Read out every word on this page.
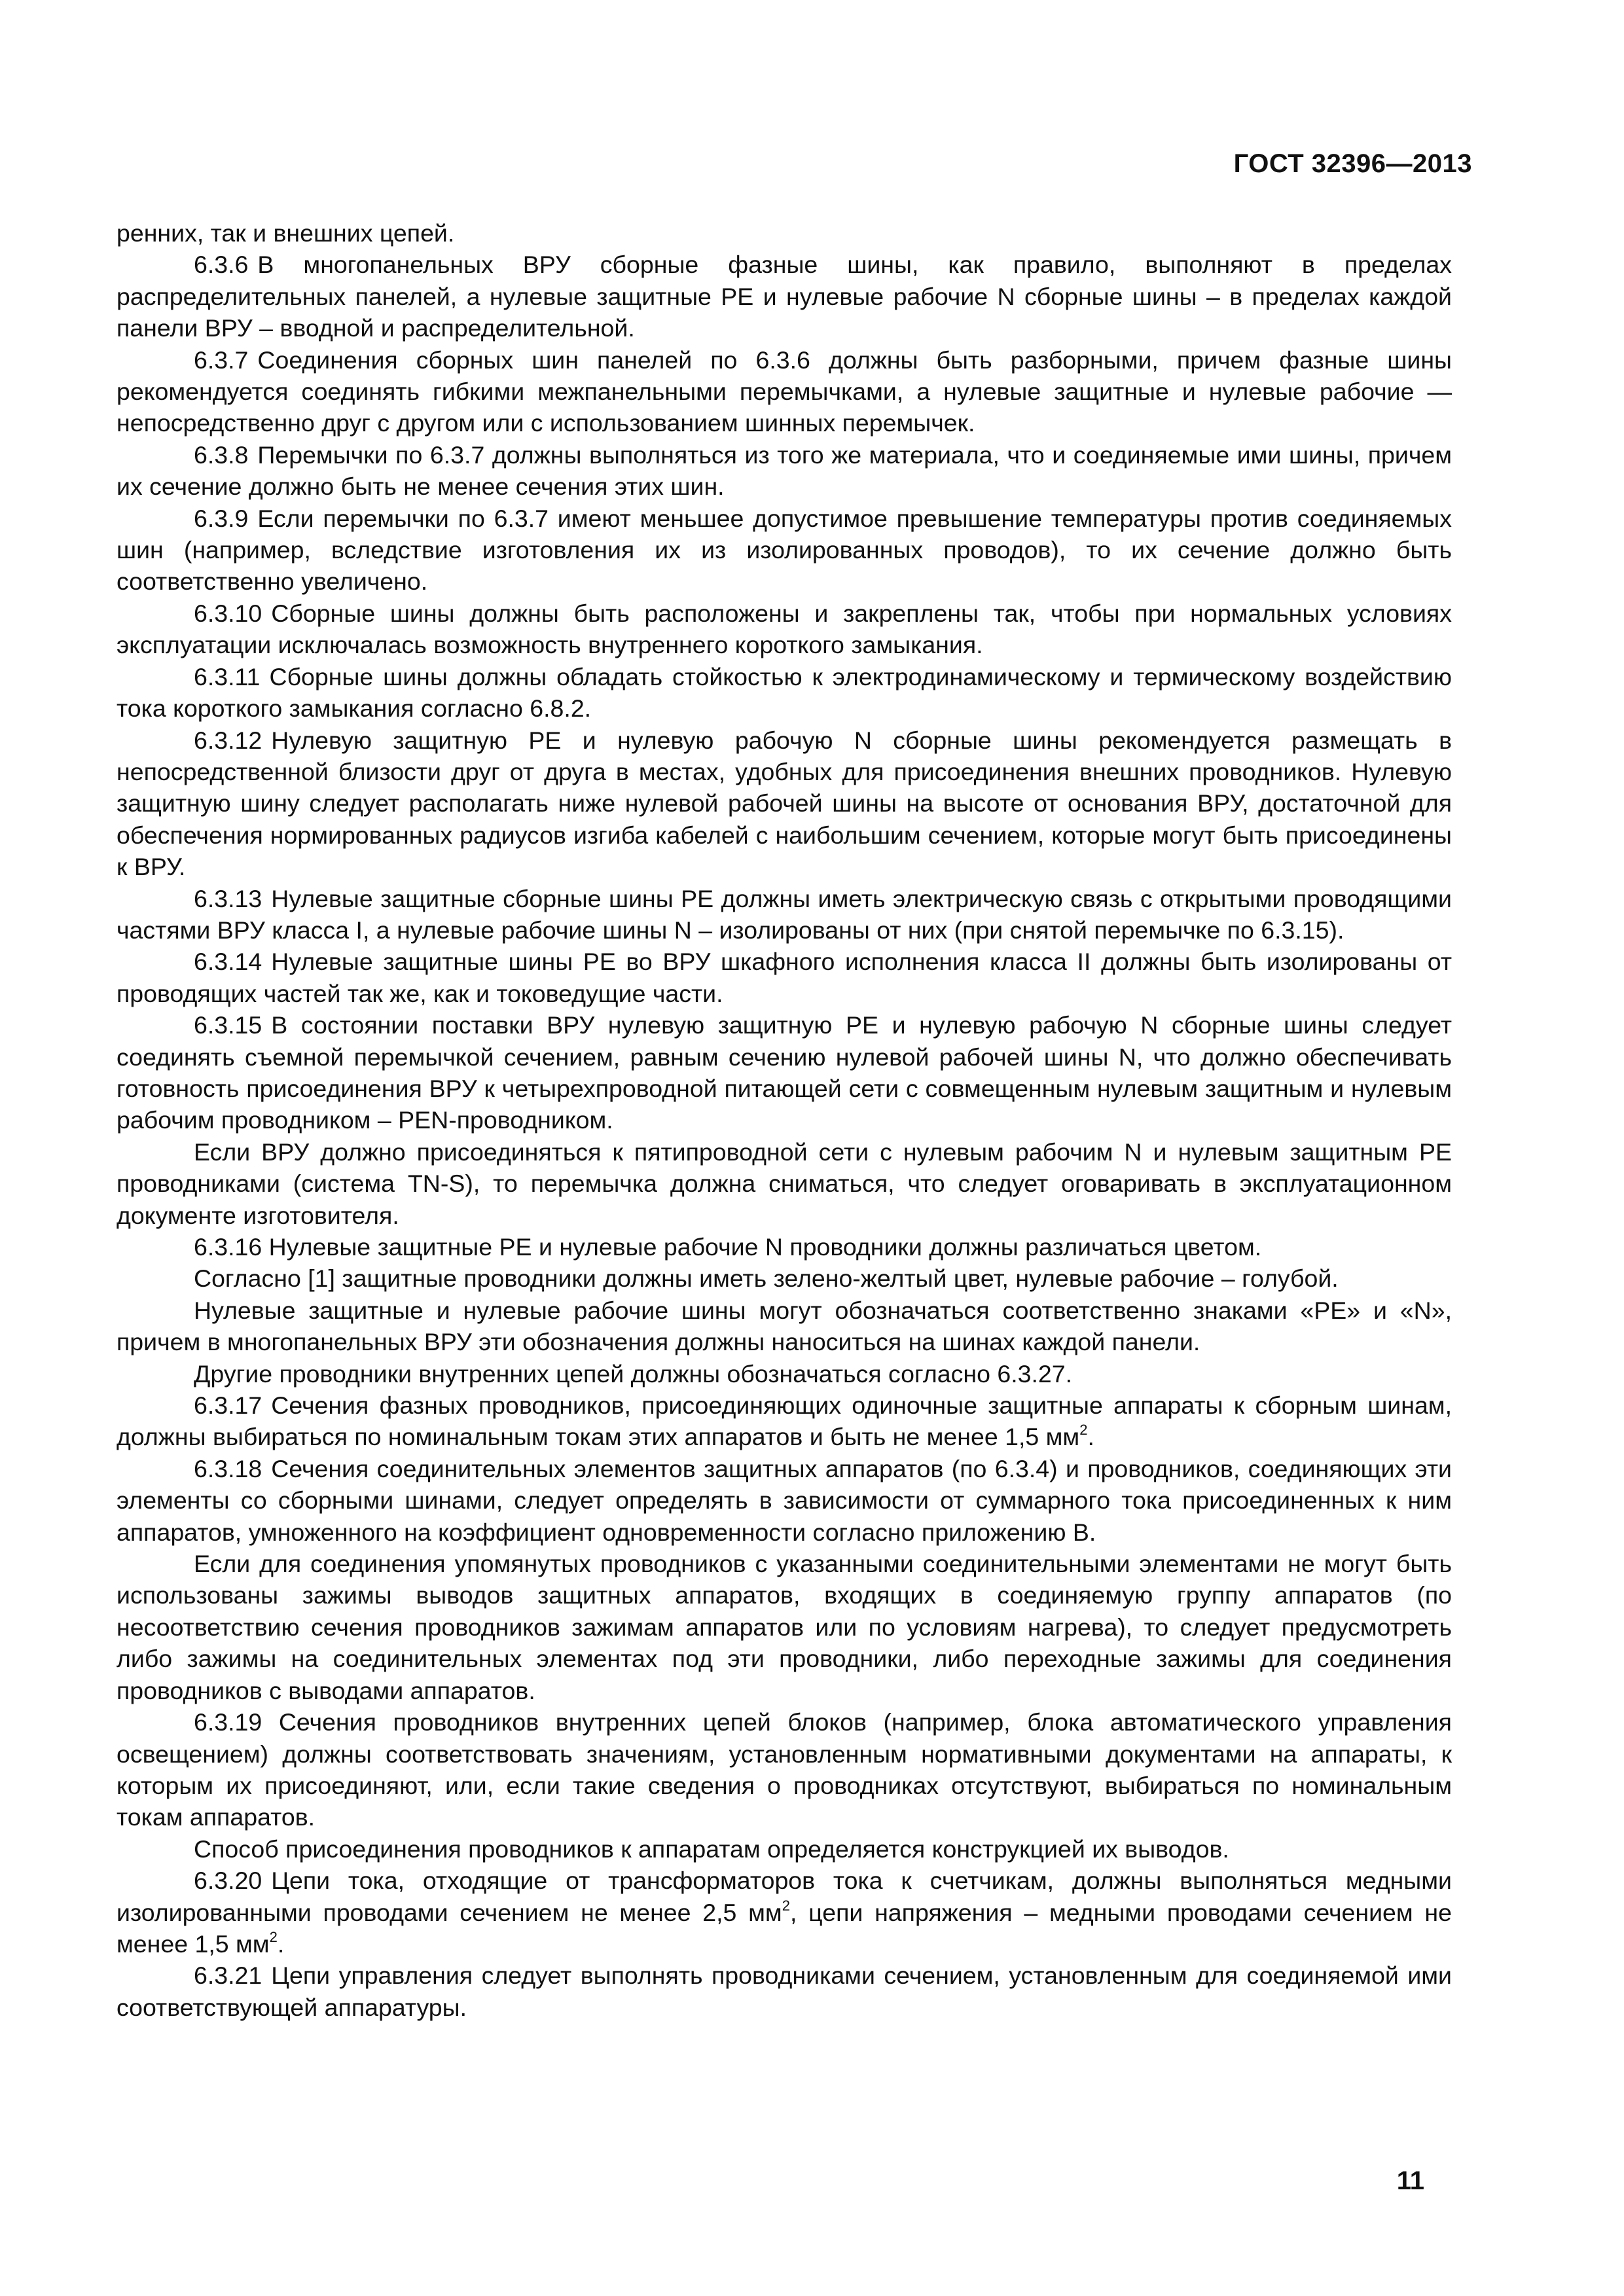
ГОСТ 32396—2013

ренних, так и внешних цепей.

6.3.6 В многопанельных ВРУ сборные фазные шины, как правило, выполняют в пределах распределительных панелей, а нулевые защитные РЕ и нулевые рабочие N сборные шины – в пределах каждой панели ВРУ – вводной и распределительной.

6.3.7 Соединения сборных шин панелей по 6.3.6 должны быть разборными, причем фазные шины рекомендуется соединять гибкими межпанельными перемычками, а нулевые защитные и нулевые рабочие — непосредственно друг с другом или с использованием шинных перемычек.

6.3.8 Перемычки по 6.3.7 должны выполняться из того же материала, что и соединяемые ими шины, причем их сечение должно быть не менее сечения этих шин.

6.3.9 Если перемычки по 6.3.7 имеют меньшее допустимое превышение температуры против соединяемых шин (например, вследствие изготовления их из изолированных проводов), то их сечение должно быть соответственно увеличено.

6.3.10 Сборные шины должны быть расположены и закреплены так, чтобы при нормальных условиях эксплуатации исключалась возможность внутреннего короткого замыкания.

6.3.11 Сборные шины должны обладать стойкостью к электродинамическому и термическому воздействию тока короткого замыкания согласно 6.8.2.

6.3.12 Нулевую защитную РЕ и нулевую рабочую N сборные шины рекомендуется размещать в непосредственной близости друг от друга в местах, удобных для присоединения внешних проводников. Нулевую защитную шину следует располагать ниже нулевой рабочей шины на высоте от основания ВРУ, достаточной для обеспечения нормированных радиусов изгиба кабелей с наибольшим сечением, которые могут быть присоединены к ВРУ.

6.3.13 Нулевые защитные сборные шины РЕ должны иметь электрическую связь с открытыми проводящими частями ВРУ класса I, а нулевые рабочие шины N – изолированы от них (при снятой перемычке по 6.3.15).

6.3.14 Нулевые защитные шины РЕ во ВРУ шкафного исполнения класса II должны быть изолированы от проводящих частей так же, как и токоведущие части.

6.3.15 В состоянии поставки ВРУ нулевую защитную РЕ и нулевую рабочую N сборные шины следует соединять съемной перемычкой сечением, равным сечению нулевой рабочей шины N, что должно обеспечивать готовность присоединения ВРУ к четырехпроводной питающей сети с совмещенным нулевым защитным и нулевым рабочим проводником – PEN-проводником.

Если ВРУ должно присоединяться к пятипроводной сети с нулевым рабочим N и нулевым защитным РЕ проводниками (система TN-S), то перемычка должна сниматься, что следует оговаривать в эксплуатационном документе изготовителя.

6.3.16 Нулевые защитные РЕ и нулевые рабочие N проводники должны различаться цветом.

Согласно [1] защитные проводники должны иметь зелено-желтый цвет, нулевые рабочие – голубой.

Нулевые защитные и нулевые рабочие шины могут обозначаться соответственно знаками «РЕ» и «N», причем в многопанельных ВРУ эти обозначения должны наноситься на шинах каждой панели.

Другие проводники внутренних цепей должны обозначаться согласно 6.3.27.

6.3.17 Сечения фазных проводников, присоединяющих одиночные защитные аппараты к сборным шинам, должны выбираться по номинальным токам этих аппаратов и быть не менее 1,5 $мм^2$.

6.3.18 Сечения соединительных элементов защитных аппаратов (по 6.3.4) и проводников, соединяющих эти элементы со сборными шинами, следует определять в зависимости от суммарного тока присоединенных к ним аппаратов, умноженного на коэффициент одновременности согласно приложению В.

Если для соединения упомянутых проводников с указанными соединительными элементами не могут быть использованы зажимы выводов защитных аппаратов, входящих в соединяемую группу аппаратов (по несоответствию сечения проводников зажимам аппаратов или по условиям нагрева), то следует предусмотреть либо зажимы на соединительных элементах под эти проводники, либо переходные зажимы для соединения проводников с выводами аппаратов.

6.3.19 Сечения проводников внутренних цепей блоков (например, блока автоматического управления освещением) должны соответствовать значениям, установленным нормативными документами на аппараты, к которым их присоединяют, или, если такие сведения о проводниках отсутствуют, выбираться по номинальным токам аппаратов.

Способ присоединения проводников к аппаратам определяется конструкцией их выводов.

6.3.20 Цепи тока, отходящие от трансформаторов тока к счетчикам, должны выполняться медными изолированными проводами сечением не менее 2,5 $мм^2$, цепи напряжения – медными проводами сечением не менее 1,5 $мм^2$.

6.3.21 Цепи управления следует выполнять проводниками сечением, установленным для соединяемой ими соответствующей аппаратуры.

11
